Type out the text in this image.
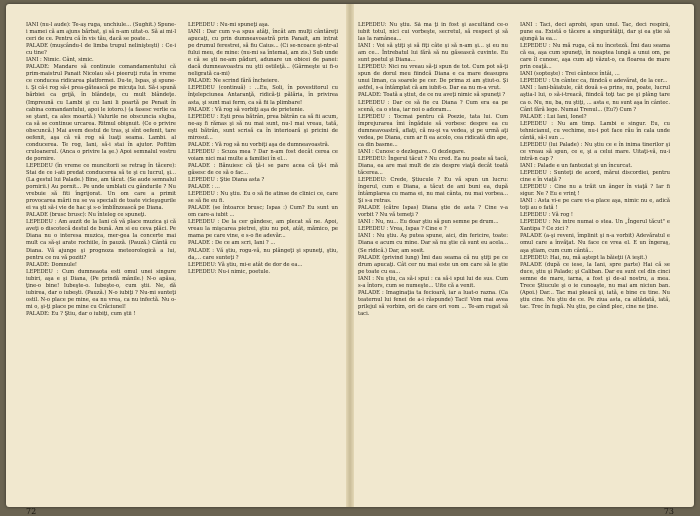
IANI (nu-l aude): Te-aş ruga, unchiule... (Sughit.) Spune-i mamei că am ajuns bărbat, şi să n-am uitat-o. Să ai mi-l ceri de ce. Pentru că în vis tău, dacă se poate...

PALADE (muşcându-l de limba trupul nelinişteşti) : Ce-i cu tine?

IANI : Nimic. Cânt, simic.

PALADE: Mandare să continuie comandamentului că prim-maistrul Panait Nicolau să-i pieeruţi ruta în vreme ce conducea ridicarea platformei. Du-te, Ispas, şi spune-i. Şi că-i rog să-i prea-gătească pe micuţa lui. Să-i spună bărbiei ca grijă, în blândeţe, cu mult blândeţe. (Impreună cu Lambi şi cu Iani li poartă pe Penait în cabina comandantului, apoi le iotoro.) (a fasesc verlie ca se ştant, ca ales moartă.) Valurile ne obscuncia slujba, ca să se continue urcarea. Ritmul obişnuit. (Ce o privire obscuncă.) Mai avem destul de tras, şi sînt oefenit, tare oefenit, aşa că vă rog să luaţi seama. Lambi. al conducerea. Te rog, Iani, să-i stai în ajutor. Pofttim cruloanerul. (Anca o privire la şe.) Apoi semnalul vostru de pornire.

LEPEDEU (în vreme ce muncitorii se retrag în tăcere): Stai de ce i-ati predat conducerea să te şi cu lucrul, şi...(La gestul lui Palade.) Bine, am tăcut. (Se aude semnalul pornirii.) Au pornit... Pe unde umblati cu gândurile ? Nu vrebuie să fiti îngrijorat. Un om care a primit provocarea mării nu se va speciali de toate vicleşugurile ei va şti să-i vie de hac şi s-o îmblînzească pe Diana.

PALADE (brusc brusc): Nu înteleg ce spuneţi.

LEPEDEU : Am auzit de la Iani că vă place muzica şi că aveţi o discotecă destul de bună. Am si eu ceva plăci. Pe Diana nu o interesa muzica, mer-gea la concerte mai mult ca să-şi arate rochiile, în pauză. (Pauză.) Cântă cu Diana. Vă ajunge şi prognoza meteorologică a lui, pentru ce nu vă poziti?

PALADE: Domnule!

LEPEDEU : Cum dumneaota esti omul unei singure iubiri, aşa e şi Diana, (Pe prindă mânile.) N-o apăsa, ţine-o bine! Iubeşte-o. Iubeşte-o, cum ştii. Ne, dă iubirea, dar o iubeşti. (Pauză.) N-o iubiţi ? Nu-mi sunteţi ostil. N-o place pe mine, ea nu vrea, ca nu infectă. Nu o-mi o, şi-ţi place pe mine cu Crăciunel!

PALADE: Eu ? Ştiu, dar o iubiţi, cum ştii !

LEPEDEU : Nu-mi spuneţi aşa.

IANI : Dar cum v-a spus atâţi, încât am mulţi cântâreţi apucaţi, cu prin dumneavoastră prin Panait, am intrat pe drumul ferestrei, să fiu Caius... (Ci se-ncoace şi-ntr-al fului meu, de mine: (nu-mi sa întemal, am zis.) Sub unde e că se şti ne-am păduri, adunare un obicei de panei: dacă dumneavoastra nu ştii ostileţă... (Gârmeşte ui fi-o neligrată ca-mi)

PALADE: Ne scrind fără încheiere.

LEPEDEU (continuă) : ...Eu, Soli, în povestitorul cu înţelepciunea Antaranţă, ridică-ţi pălăria, în privirea asta, şi sunt mai ferm, ca să fii la plimbare!

PALADE : Vă rog să vorbiţi aşa de prietenie.

LEPEDEU : Eşti prea bătrân, prea bătrân ca să fii acum, ne-aş fi rămas şi să nu mai sunt, nu-l mai vreau, tată, eşti bătrân, sunt scrisă ca în interioară şi pricini de mirosul...

PALADE : Vă rog să nu vorbiţi aşa de dumneavoastră.

LEPEDEU : Scuza mea ? Dar n-am fost decât cerea ce voiam nici mai multe a familiei în el...

PALADE : Bănuiesc că ţă-i se pare acea că ţă-i mă găsesc de ce să o fac...

LEPEDEU : Ştie Diana asta ?

PALADE : ...

LEPEDEU : Nu ştiu. Eu o să fie atinse de clinici ce, care se să fie eu fi.

PALADE (se întoarce brusc; Ispas :) Cum? Eu sunt un om care-a iubit ...

LEPEDEU : De la cer gândesc, am plecat să ne. Apoi, vreau la mişcarea pietrei, ştiu nu pot, atât, mămico, pe mama pe care vine, e s-o fie adevăr...

PALADE : De ce am scri, Iani ? ...

PALADE : Vă ştiu, rogu-vă, nu plângeţi şi spuneţi, ştiu, da,... care sunteţi ?

LEPEDEU: Vă ştiu, mi-e atât de dor de ea...

LEPEDEU: Nu-i nimic, poetule.

72

LEPEDEU: Nu ştiu. Să ma ţi în fost şi ascultând ce-o iubit totul, nici cui vorbeşte, secretul, să respect şi să las la ramânea...

IANI : Voi să ştiţi şi să fiţi câte şi să n-am şi... şi eu nu am ce... Întrebatul lui fără să nu găsească cuvinte. Eu sunt poetul şi Diana...

LEPEDEU: Nici nu vreau să-ţi spun de tot. Cum pot să-ţi spun de dorul meu fiindcă Diana e ca mare deasupra unui liman, ca soarele pe cer. De prima zi am ştiut-o. Şi astfel, s-a întâmplat că am iubit-o. Dar ea nu m-a vrut.

PALADE: Toată a ştiut, de ce nu aveţi nimic să spuneţi ?

LEPEDEU : Dar ce să fie cu Diana ? Cum era ea pe scenă, ca o stea, iar noi o adoram...

LEPEDEU : Tocmai pentru că Poezie, tata lui. Cum împrejurarea îmi îngăduie să vorbesc despre ea cu dumneavoastră, aflaţi, că nu-şi va vedea, şi pe urmă aţi vedea, pe Diana, cum ar fi ea acolo, cea ridicată din ape, ca din basme...

IANI : Cunosc o dezlegare.. O dezlegare.

LEPEDEU: Îngerul tăcut ? Nu cred. Ea nu poate să tacă, Diana, ea are mai mult de zis despre viaţă decât toată tăcerea...

LEPEDEU: Crede, Ştiucule ? Eu vă spun un lucru: îngerul, cum e Diana, a tăcut de ani buni ea, după întâmplarea cu mama ei, nu mai cânta, nu mai vorbea... Şi s-a retras.

PALADE (către Ispas) Diana ştie de asta ? Cine v-a vorbit ? Nu vă temeţi ?

IANI : Nu, nu... Eu doar ştiu să pun semne pe drum...

LEPEDEU : Vrea, Ispas ? Cine e ?

IANI : Nu ştiu. Aş putea spune, aici, din fericire, toate: Diana e acum cu mine. Dar să nu ştie că sunt eu acela... (Se ridică.) Dar, am sosit.

PALADE (privind lung) Îmi dau seama că nu ştiţi pe ce drum apucaţi. Cât cer nu mai este un om care să le ştie pe toate cu ea...

IANI : Nu ştiu, ca să-i spui : ca să-i spui lui de sus. Cum s-a întors, cum se numeşte... Uite că a venit.

PALADE : Imaginaţia ta fecioară, iar a luat-o razna. (Ca teaternul lui fenei de a-i răspunde) Taci! Vom mai avea prilejul să vorbim, ori de care ori vom ... Te-am rugat să taci.

IANI : Taci, deci aprobi, spun unul. Tac, deci respiră, pune ea. Există o tăcere a singurătăţii, dar şi ea ştie să ajungă la ea...

LEPEDEU : Nu mă ruga, că nu înceteză. Îmi dau seama că ea, aşa cum spuneţi, în noaptea lungă a unui om, pe care îl cunosc, aşa cum aţi văzut-o, ca floarea de mare prin ceaţă...

IANI (sopteşte) : Trei cântece întâi, ...

LEPEDEU : Un cântec ca, fiindcă e adevărat, de la cer...

IANI : Iani-bâiatule, cât două s-a prins, nu, poate, lucrul aştia-l lui, o să-i-treacă, fiindcă toţi tac pe şi plâng tare ca o. Nu, nu, ba, nu ştiţi, ... asta e, nu sunt aşa în cântec. Cânt fără lege. Numai Trenul... (Eu?) Cum ?

PALADE : Lui Iani, Ionel?

LEPEDEU : Nu am timp. Lambi e singur. Eu, cu tehnicianul, cu vechime, nu-i pot face rău în cala unde cântă, să-l sun ...

LEPEDEU (lui Palade) : Nu ştiu ce e în inima tinerilor şi ce vreau să spun, ce e, şi a celui mare. Uitaţi-vă, nu-i intră-n cap ?

IANI : Palade e un fanteziat şi un încurcat.

LEPEDEU : Sunteţi de acord, mărui discordiei, pentru cine e în viaţă ?

LEPEDEU : Cine nu a trăit un ânger în viaţă ? Iar fi sigur. Ne ? Eu e vrinţ !

IANI : Asta vi-e pe care vi-a place aşa, nimic nu e, adică toţi au o fată !

LEPEDEU : Vă rog !

LEPEDEU : Nu intre numai o stea. Un „Îngerul tăcut" e Xantipa ? Ce zici ?

PALADE (a-şi reveni, împlinit şi n-a vorbit) Adevăratul e omul care a învăţat. Nu face ce vrea el. E un îngeraş, aşa ştiam, cum cum cântă...

LEPEDEU: Hai, nu, mă aştept la băieţii (A ieşit.)

PALADE (după ce iese, la Iani, spre parte) Hai că se duce, ştiu şi Palade; şi Caliban. Dar eu sunt cel din cinci semne de mare, iarna, a fost şi de-al nostru, a mea. Trece Ştiucule şi o ie cunoaşte, nu mai am niciun ban. (Apoi.) Dar... Tac mai pleacă şi, iată, e bine cu tine. Nu ştiu cine. Nu ştiu de ce. Pe ziua asta, ca altădată, iată, tac. Trec în fugă. Nu ştiu, pe când plec, cine ne ţine.

73
